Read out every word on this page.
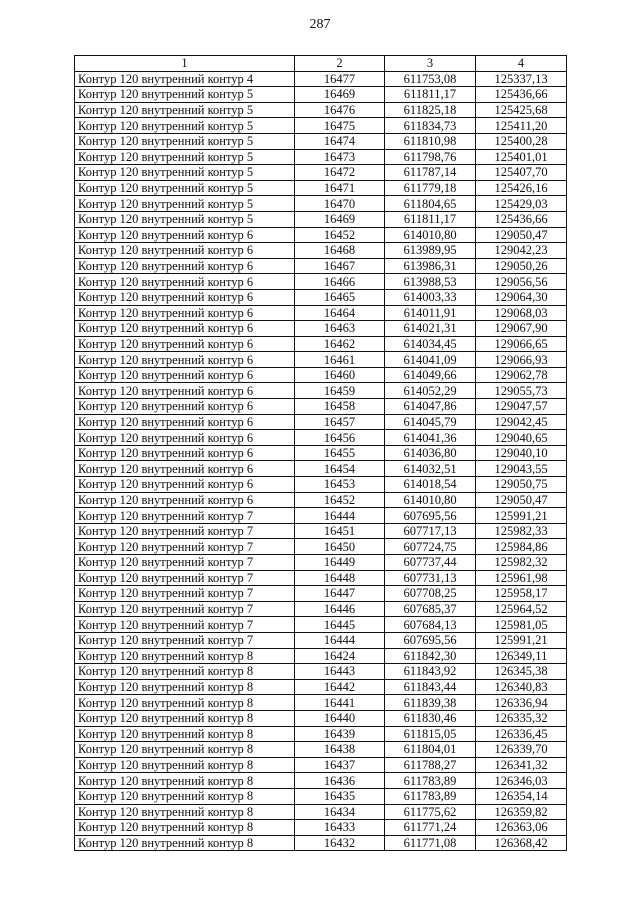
287
1	2	3	4
Контур 120 внутренний контур 4	16477	611753,08	125337,13
Контур 120 внутренний контур 5	16469	611811,17	125436,66
Контур 120 внутренний контур 5	16476	611825,18	125425,68
Контур 120 внутренний контур 5	16475	611834,73	125411,20
Контур 120 внутренний контур 5	16474	611810,98	125400,28
Контур 120 внутренний контур 5	16473	611798,76	125401,01
Контур 120 внутренний контур 5	16472	611787,14	125407,70
Контур 120 внутренний контур 5	16471	611779,18	125426,16
Контур 120 внутренний контур 5	16470	611804,65	125429,03
Контур 120 внутренний контур 5	16469	611811,17	125436,66
Контур 120 внутренний контур 6	16452	614010,80	129050,47
Контур 120 внутренний контур 6	16468	613989,95	129042,23
Контур 120 внутренний контур 6	16467	613986,31	129050,26
Контур 120 внутренний контур 6	16466	613988,53	129056,56
Контур 120 внутренний контур 6	16465	614003,33	129064,30
Контур 120 внутренний контур 6	16464	614011,91	129068,03
Контур 120 внутренний контур 6	16463	614021,31	129067,90
Контур 120 внутренний контур 6	16462	614034,45	129066,65
Контур 120 внутренний контур 6	16461	614041,09	129066,93
Контур 120 внутренний контур 6	16460	614049,66	129062,78
Контур 120 внутренний контур 6	16459	614052,29	129055,73
Контур 120 внутренний контур 6	16458	614047,86	129047,57
Контур 120 внутренний контур 6	16457	614045,79	129042,45
Контур 120 внутренний контур 6	16456	614041,36	129040,65
Контур 120 внутренний контур 6	16455	614036,80	129040,10
Контур 120 внутренний контур 6	16454	614032,51	129043,55
Контур 120 внутренний контур 6	16453	614018,54	129050,75
Контур 120 внутренний контур 6	16452	614010,80	129050,47
Контур 120 внутренний контур 7	16444	607695,56	125991,21
Контур 120 внутренний контур 7	16451	607717,13	125982,33
Контур 120 внутренний контур 7	16450	607724,75	125984,86
Контур 120 внутренний контур 7	16449	607737,44	125982,32
Контур 120 внутренний контур 7	16448	607731,13	125961,98
Контур 120 внутренний контур 7	16447	607708,25	125958,17
Контур 120 внутренний контур 7	16446	607685,37	125964,52
Контур 120 внутренний контур 7	16445	607684,13	125981,05
Контур 120 внутренний контур 7	16444	607695,56	125991,21
Контур 120 внутренний контур 8	16424	611842,30	126349,11
Контур 120 внутренний контур 8	16443	611843,92	126345,38
Контур 120 внутренний контур 8	16442	611843,44	126340,83
Контур 120 внутренний контур 8	16441	611839,38	126336,94
Контур 120 внутренний контур 8	16440	611830,46	126335,32
Контур 120 внутренний контур 8	16439	611815,05	126336,45
Контур 120 внутренний контур 8	16438	611804,01	126339,70
Контур 120 внутренний контур 8	16437	611788,27	126341,32
Контур 120 внутренний контур 8	16436	611783,89	126346,03
Контур 120 внутренний контур 8	16435	611783,89	126354,14
Контур 120 внутренний контур 8	16434	611775,62	126359,82
Контур 120 внутренний контур 8	16433	611771,24	126363,06
Контур 120 внутренний контур 8	16432	611771,08	126368,42
